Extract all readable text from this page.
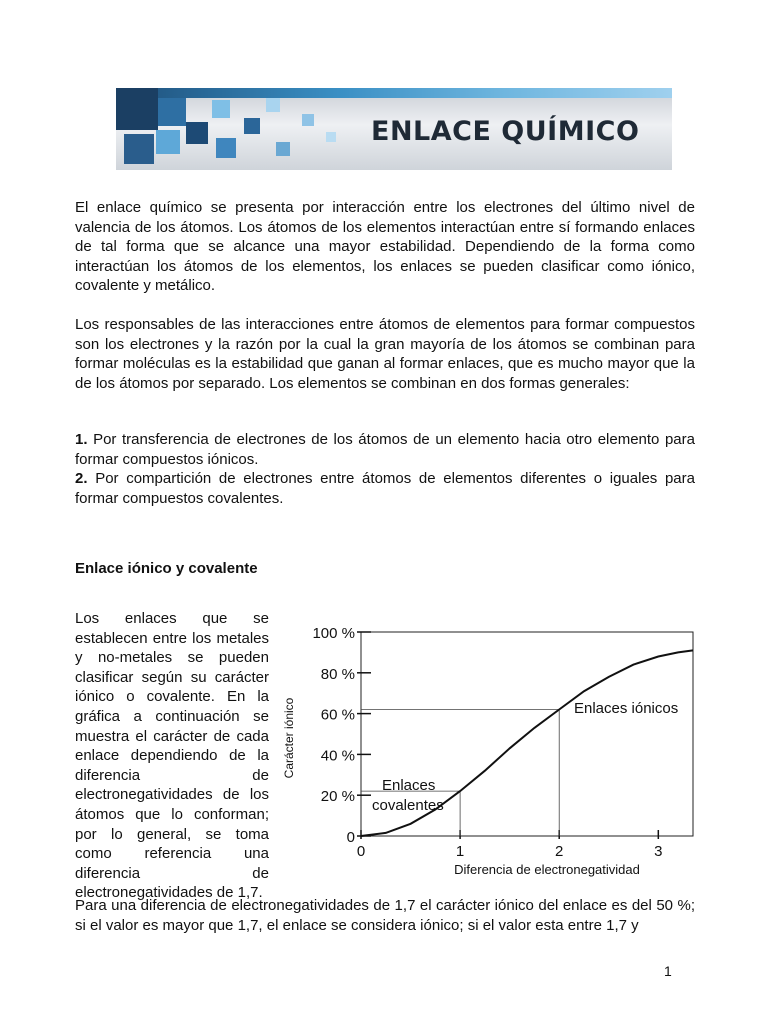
ENLACE QUÍMICO

El enlace químico se presenta por interacción entre los electrones del último nivel de valencia de los átomos. Los átomos de los elementos interactúan entre sí formando enlaces de tal forma que se alcance una mayor estabilidad. Dependiendo de la forma como interactúan los átomos de los elementos, los enlaces se pueden clasificar como iónico, covalente y metálico.

Los responsables de las interacciones entre átomos de elementos para formar compuestos son los electrones y la razón por la cual la gran mayoría de los átomos se combinan para formar moléculas es la estabilidad que ganan al formar enlaces, que es mucho mayor que la de los átomos por separado. Los elementos se combinan en dos formas generales:

1. Por transferencia de electrones de los átomos de un elemento hacia otro elemento para formar compuestos iónicos.

2. Por compartición de electrones entre átomos de elementos diferentes o iguales para formar compuestos covalentes.

Enlace iónico y covalente

Los enlaces que se establecen entre los metales y no-metales se pueden clasificar según su carácter iónico o covalente. En la gráfica a continuación se muestra el carácter de cada enlace dependiendo de la diferencia de electronegatividades de los átomos que lo conforman; por lo general, se toma como referencia una diferencia de electronegatividades de 1,7.

0
20 %
40 %
60 %
80 %
100 %
0	1	2	3
Diferencia de electronegatividad
Carácter iónico
Enlaces
covalentes
Enlaces iónicos

Para una diferencia de electronegatividades de 1,7 el carácter iónico del enlace es del 50 %; si el valor es mayor que 1,7, el enlace se considera iónico; si el valor esta entre 1,7 y

1
